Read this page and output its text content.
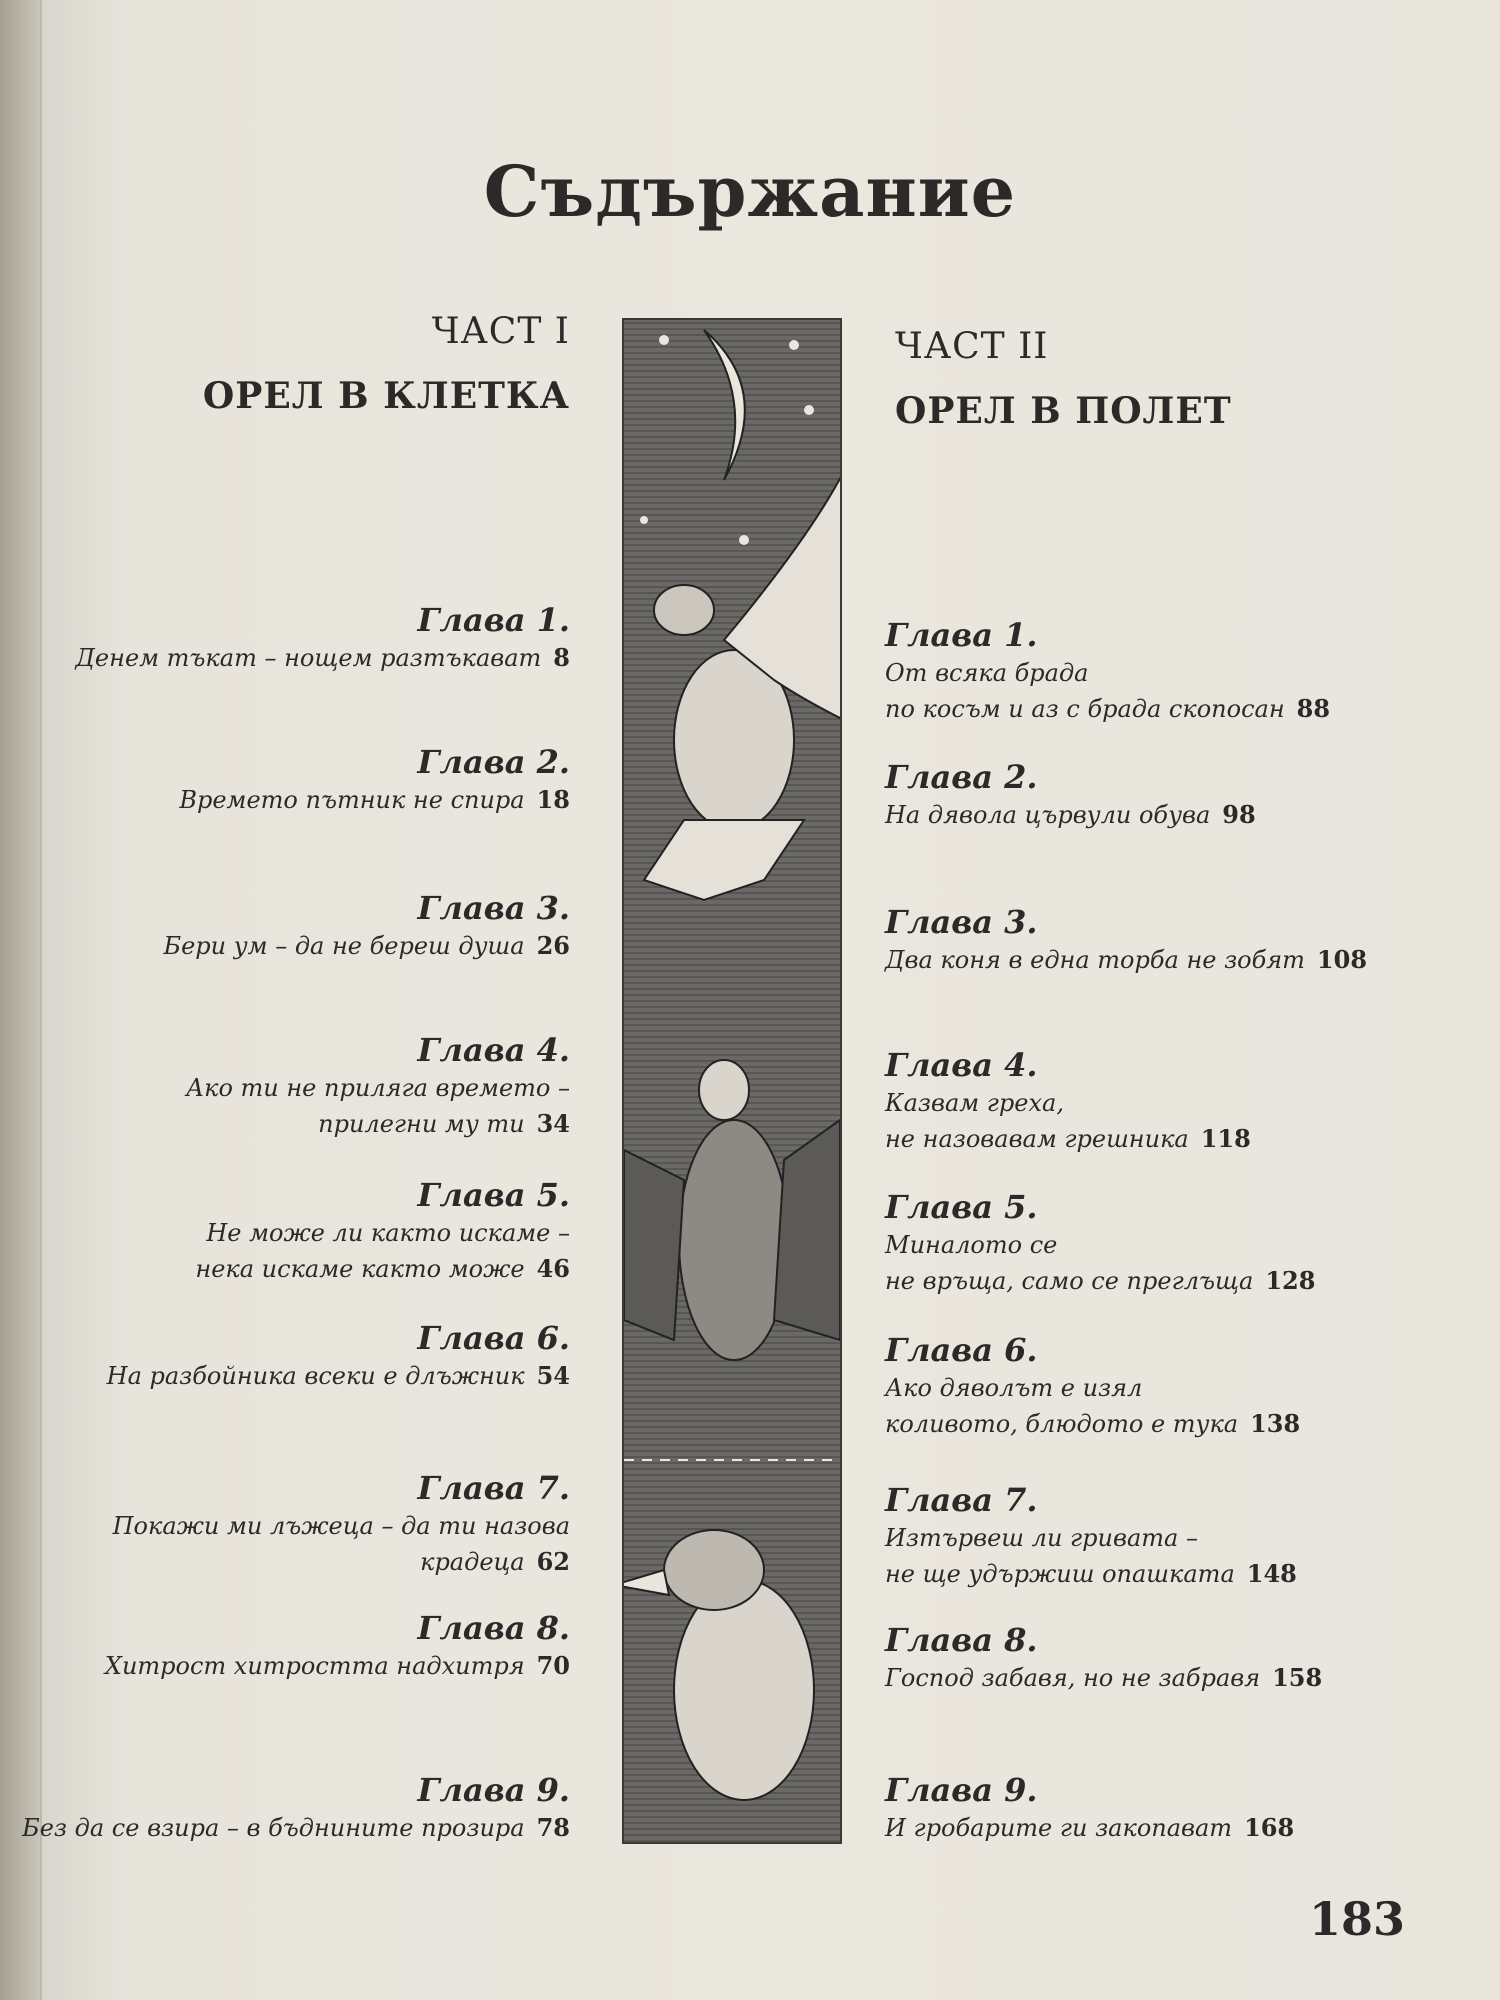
Съдържание
ЧАСТ I
ОРЕЛ В КЛЕТКА
ЧАСТ II
ОРЕЛ В ПОЛЕТ
Глава 1.
Денем тъкат – нощем разтъкават 8
Глава 2.
Времето пътник не спира 18
Глава 3.
Бери ум – да не береш душа 26
Глава 4.
Ако ти не приляга времето –
прилегни му ти 34
Глава 5.
Не може ли както искаме –
нека искаме както може 46
Глава 6.
На разбойника всеки е длъжник 54
Глава 7.
Покажи ми лъжеца – да ти назова
крадеца 62
Глава 8.
Хитрост хитростта надхитря 70
Глава 9.
Без да се взира – в бъднините прозира 78
Глава 1.
От всяка брада
по косъм и аз с брада скопосан 88
Глава 2.
На дявола цървули обува 98
Глава 3.
Два коня в една торба не зобят 108
Глава 4.
Казвам греха,
не назовавам грешника 118
Глава 5.
Миналото се
не връща, само се преглъща 128
Глава 6.
Ако дяволът е изял
коливото, блюдото е тука 138
Глава 7.
Изтървеш ли гривата –
не ще удържиш опашката 148
Глава 8.
Господ забавя, но не забравя 158
Глава 9.
И гробарите ги закопават 168
183
